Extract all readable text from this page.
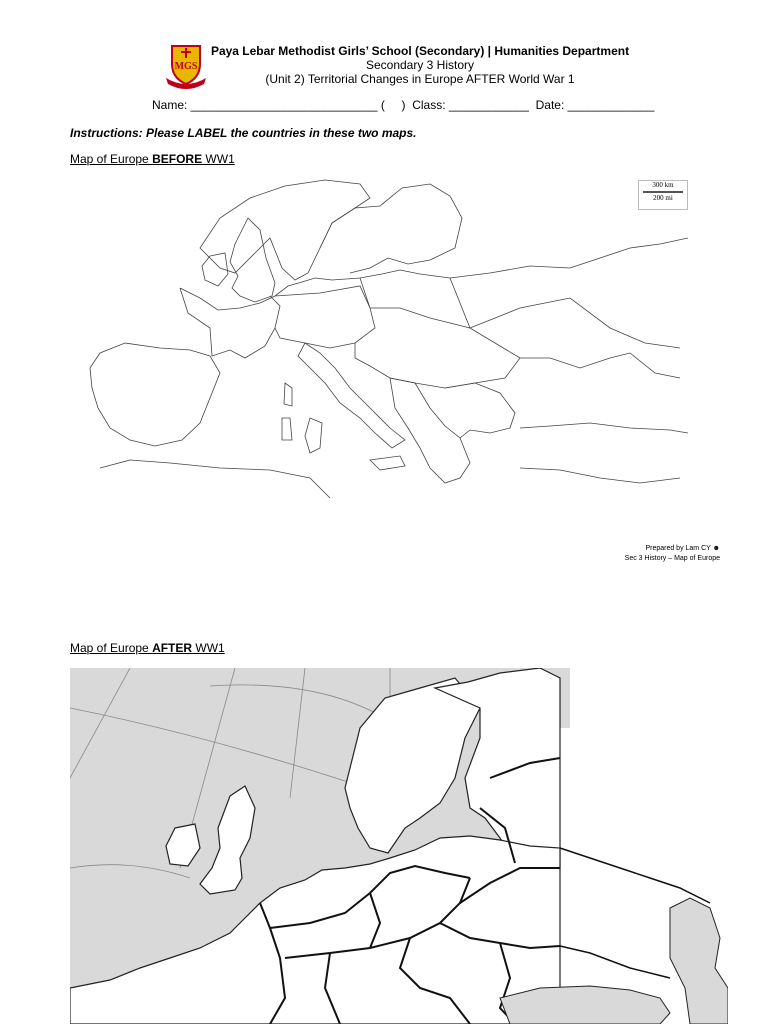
MGS
Paya Lebar Methodist Girls’ School (Secondary) | Humanities Department
Secondary 3 History
(Unit 2) Territorial Changes in Europe AFTER World War 1
Name: ____________________________ (     )  Class: ____________  Date: _____________
Instructions: Please LABEL the countries in these two maps.
Map of Europe BEFORE WW1
300 km
200 mi
Prepared by Lam CY ☻
Sec 3 History – Map of Europe
Map of Europe AFTER WW1
